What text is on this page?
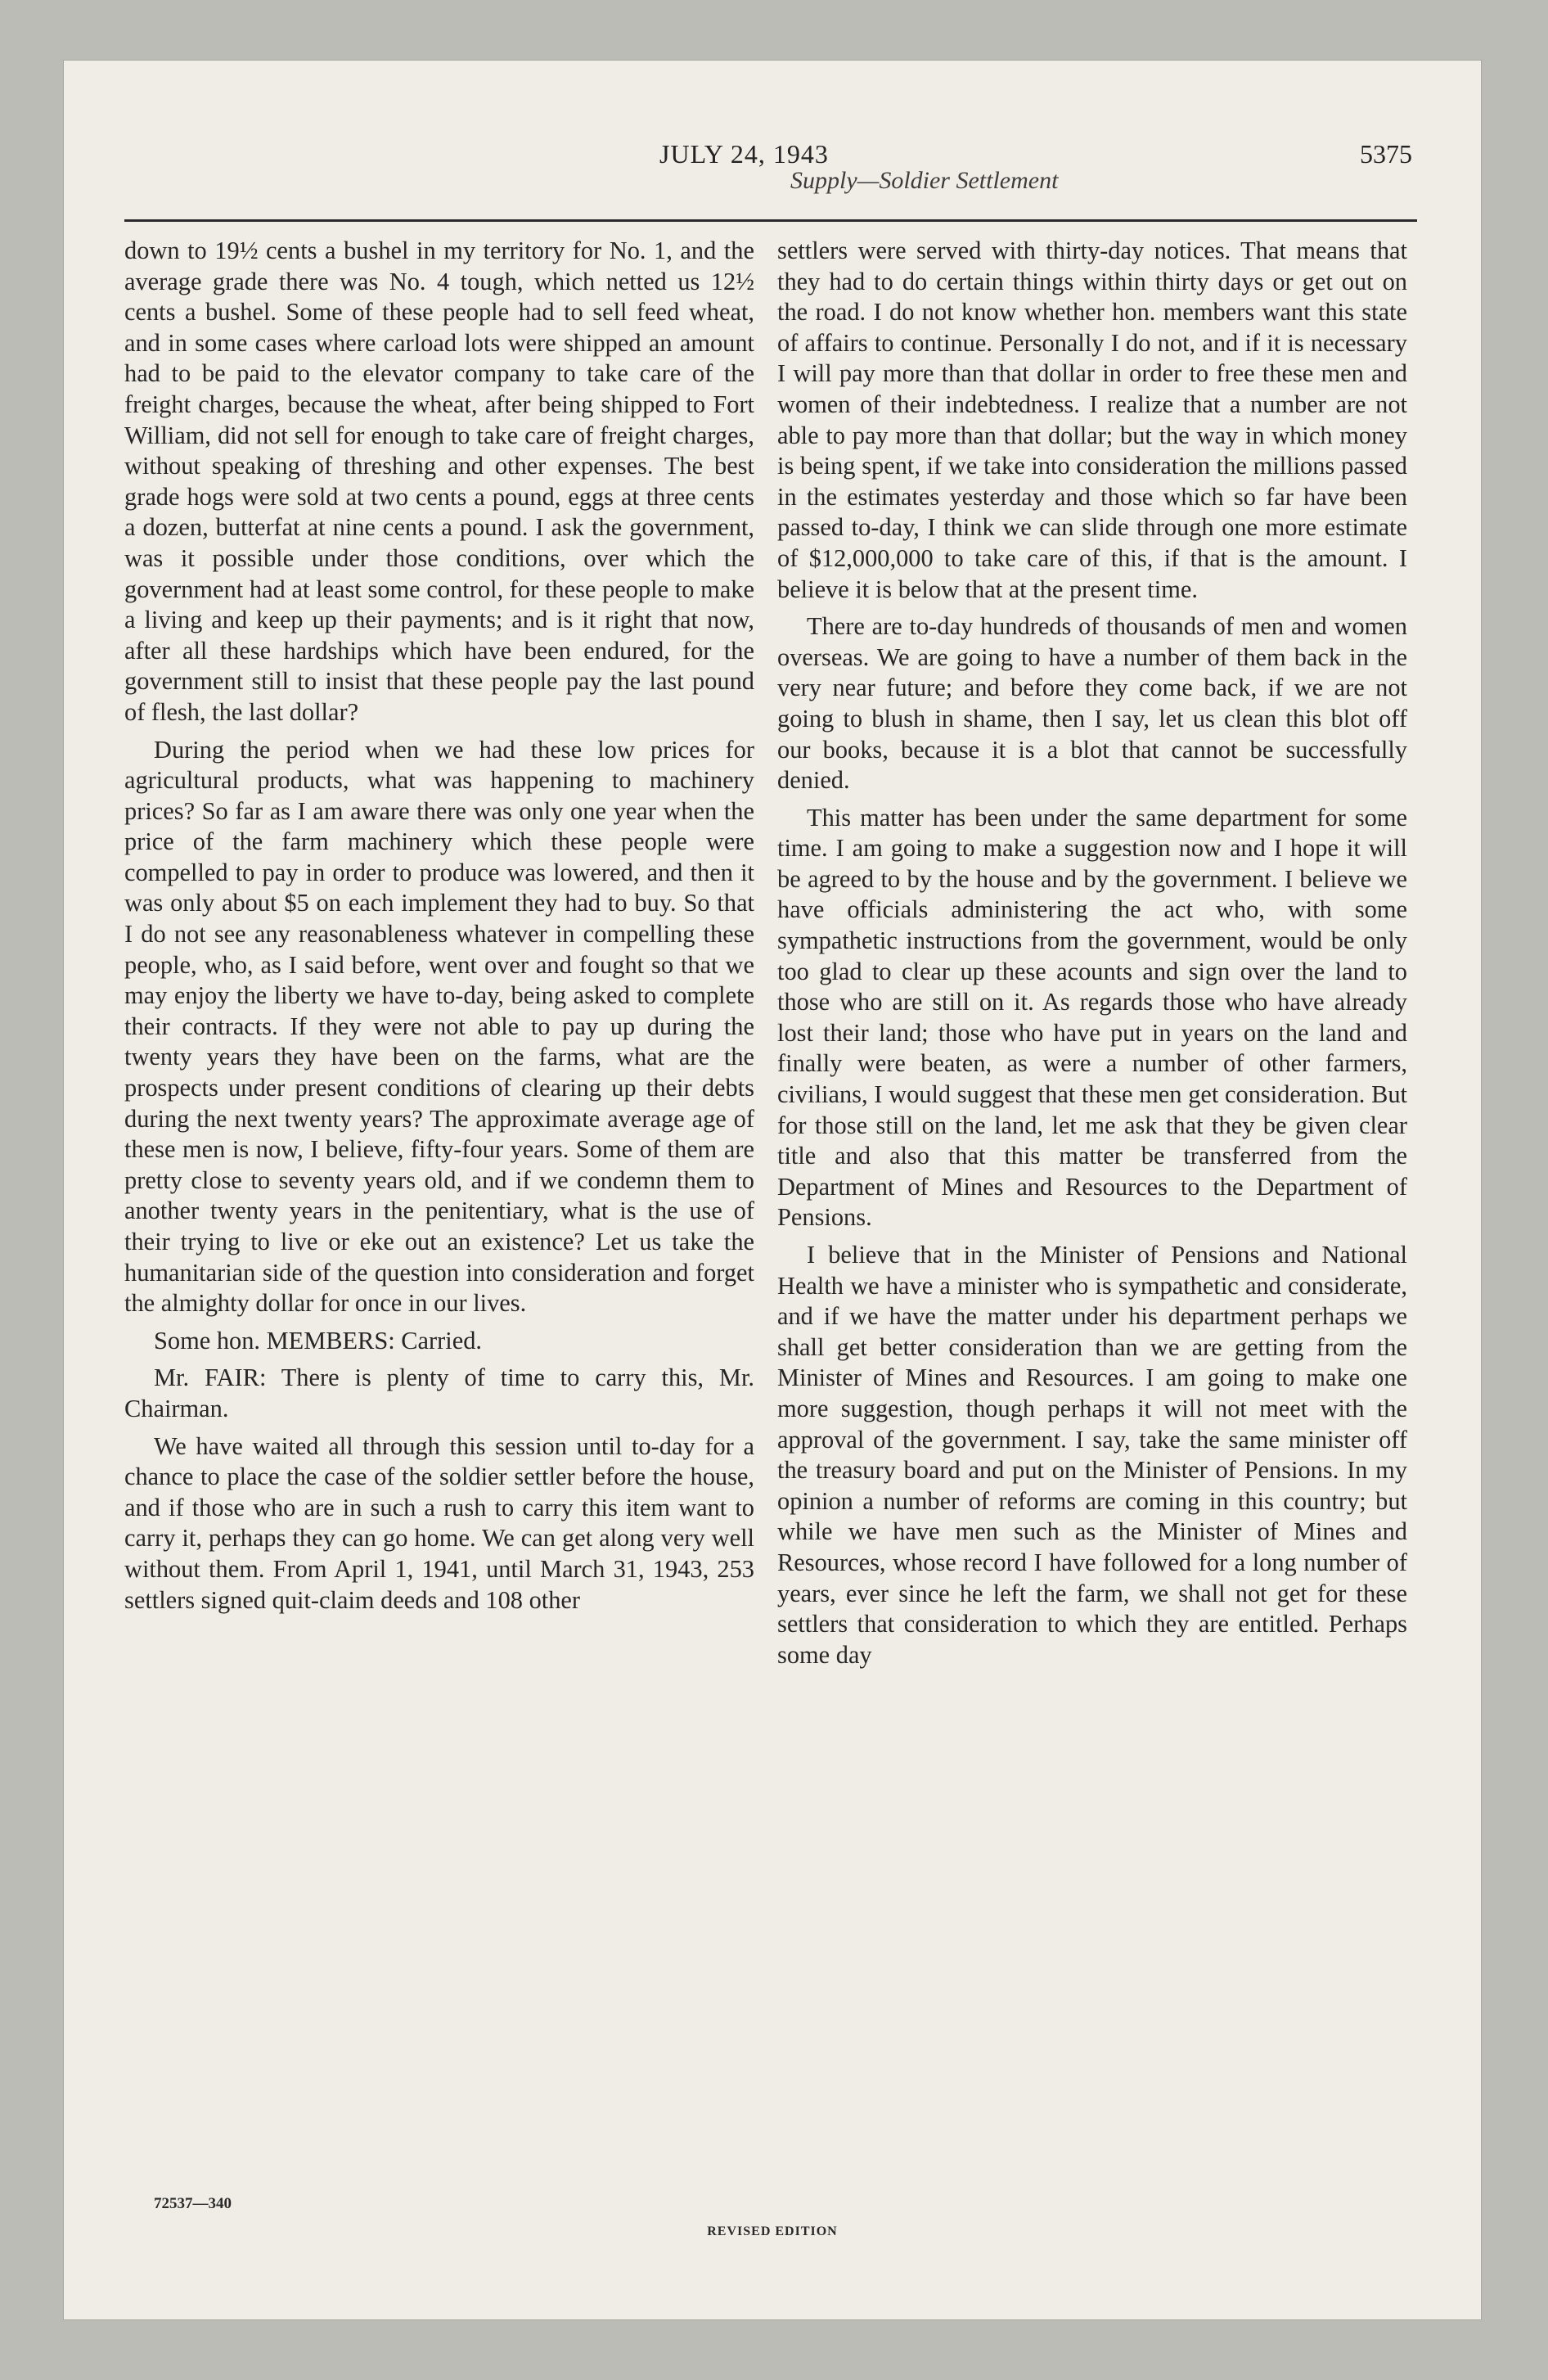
JULY 24, 1943
Supply—Soldier Settlement
5375

down to 19½ cents a bushel in my territory for No. 1, and the average grade there was No. 4 tough, which netted us 12½ cents a bushel. Some of these people had to sell feed wheat, and in some cases where carload lots were shipped an amount had to be paid to the elevator company to take care of the freight charges, because the wheat, after being shipped to Fort William, did not sell for enough to take care of freight charges, without speaking of threshing and other expenses. The best grade hogs were sold at two cents a pound, eggs at three cents a dozen, butterfat at nine cents a pound. I ask the government, was it possible under those conditions, over which the government had at least some control, for these people to make a living and keep up their payments; and is it right that now, after all these hardships which have been endured, for the government still to insist that these people pay the last pound of flesh, the last dollar?

During the period when we had these low prices for agricultural products, what was happening to machinery prices? So far as I am aware there was only one year when the price of the farm machinery which these people were compelled to pay in order to produce was lowered, and then it was only about $5 on each implement they had to buy. So that I do not see any reasonableness whatever in compelling these people, who, as I said before, went over and fought so that we may enjoy the liberty we have to-day, being asked to complete their contracts. If they were not able to pay up during the twenty years they have been on the farms, what are the prospects under present conditions of clearing up their debts during the next twenty years? The approximate average age of these men is now, I believe, fifty-four years. Some of them are pretty close to seventy years old, and if we condemn them to another twenty years in the penitentiary, what is the use of their trying to live or eke out an existence? Let us take the humanitarian side of the question into consideration and forget the almighty dollar for once in our lives.

Some hon. MEMBERS: Carried.

Mr. FAIR: There is plenty of time to carry this, Mr. Chairman.

We have waited all through this session until to-day for a chance to place the case of the soldier settler before the house, and if those who are in such a rush to carry this item want to carry it, perhaps they can go home. We can get along very well without them. From April 1, 1941, until March 31, 1943, 253 settlers signed quit-claim deeds and 108 other

settlers were served with thirty-day notices. That means that they had to do certain things within thirty days or get out on the road. I do not know whether hon. members want this state of affairs to continue. Personally I do not, and if it is necessary I will pay more than that dollar in order to free these men and women of their indebtedness. I realize that a number are not able to pay more than that dollar; but the way in which money is being spent, if we take into consideration the millions passed in the estimates yesterday and those which so far have been passed to-day, I think we can slide through one more estimate of $12,000,000 to take care of this, if that is the amount. I believe it is below that at the present time.

There are to-day hundreds of thousands of men and women overseas. We are going to have a number of them back in the very near future; and before they come back, if we are not going to blush in shame, then I say, let us clean this blot off our books, because it is a blot that cannot be successfully denied.

This matter has been under the same department for some time. I am going to make a suggestion now and I hope it will be agreed to by the house and by the government. I believe we have officials administering the act who, with some sympathetic instructions from the government, would be only too glad to clear up these acounts and sign over the land to those who are still on it. As regards those who have already lost their land; those who have put in years on the land and finally were beaten, as were a number of other farmers, civilians, I would suggest that these men get consideration. But for those still on the land, let me ask that they be given clear title and also that this matter be transferred from the Department of Mines and Resources to the Department of Pensions.

I believe that in the Minister of Pensions and National Health we have a minister who is sympathetic and considerate, and if we have the matter under his department perhaps we shall get better consideration than we are getting from the Minister of Mines and Resources. I am going to make one more suggestion, though perhaps it will not meet with the approval of the government. I say, take the same minister off the treasury board and put on the Minister of Pensions. In my opinion a number of reforms are coming in this country; but while we have men such as the Minister of Mines and Resources, whose record I have followed for a long number of years, ever since he left the farm, we shall not get for these settlers that consideration to which they are entitled. Perhaps some day

72537—340
REVISED EDITION
